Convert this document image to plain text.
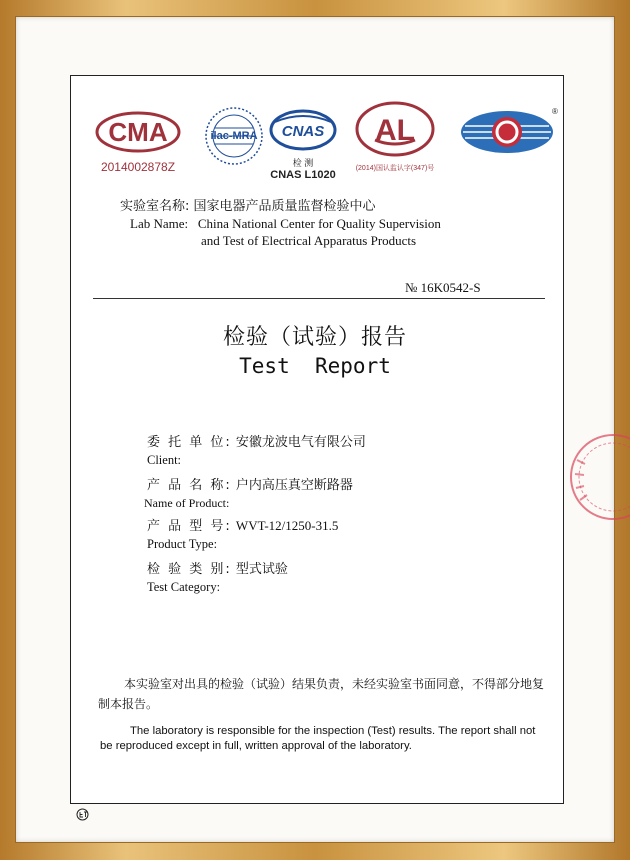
CMA
2014002878Z
ilac-MRA CNAS
检 测
CNAS L1020
AL
(2014)国认监认字(347)号
®
实验室名称: 国家电器产品质量监督检验中心
Lab Name: China National Center for Quality Supervision
and Test of Electrical Apparatus Products
№ 16K0542-S
检验（试验）报告
Test  Report
委 托 单 位: 安徽龙波电气有限公司
Client:
产 品 名 称: 户内高压真空断路器
Name of Product:
产 品 型 号: WVT-12/1250-31.5
Product Type:
检 验 类 别: 型式试验
Test Category:
本实验室对出具的检验（试验）结果负责，未经实验室书面同意，不得部分地复制本报告。
The laboratory is responsible for the inspection (Test) results. The report shall not be reproduced except in full, written approval of the laboratory.
